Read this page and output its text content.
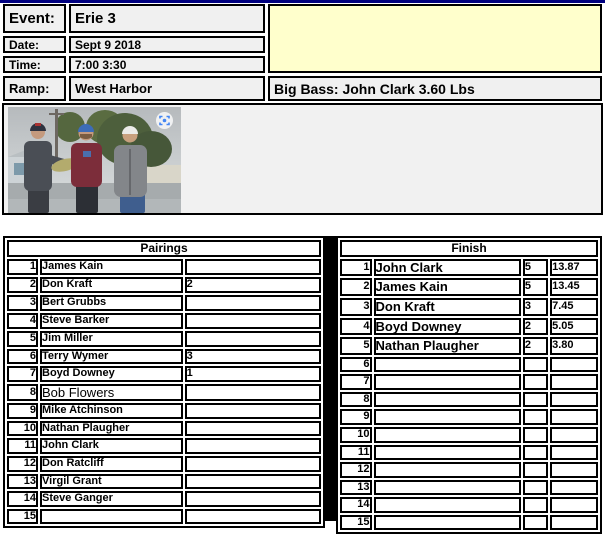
Event:	Erie 3
Date:	Sept 9 2018
Time:	7:00 3:30
Ramp:	West Harbor	Big Bass: John Clark 3.60 Lbs
Pairings		
1	James Kain	
2	Don Kraft	2
3	Bert Grubbs	
4	Steve Barker	
5	Jim Miller	
6	Terry Wymer	3
7	Boyd Downey	1
8	Bob Flowers	
9	Mike Atchinson	
10	Nathan Plaugher	
11	John Clark	
12	Don Ratcliff	
13	Virgil Grant	
14	Steve Ganger	
15		
Finish			
1	John Clark	5	13.87
2	James Kain	5	13.45
3	Don Kraft	3	7.45
4	Boyd Downey	2	5.05
5	Nathan Plaugher	2	3.80
6			
7			
8			
9			
10			
11			
12			
13			
14			
15			
